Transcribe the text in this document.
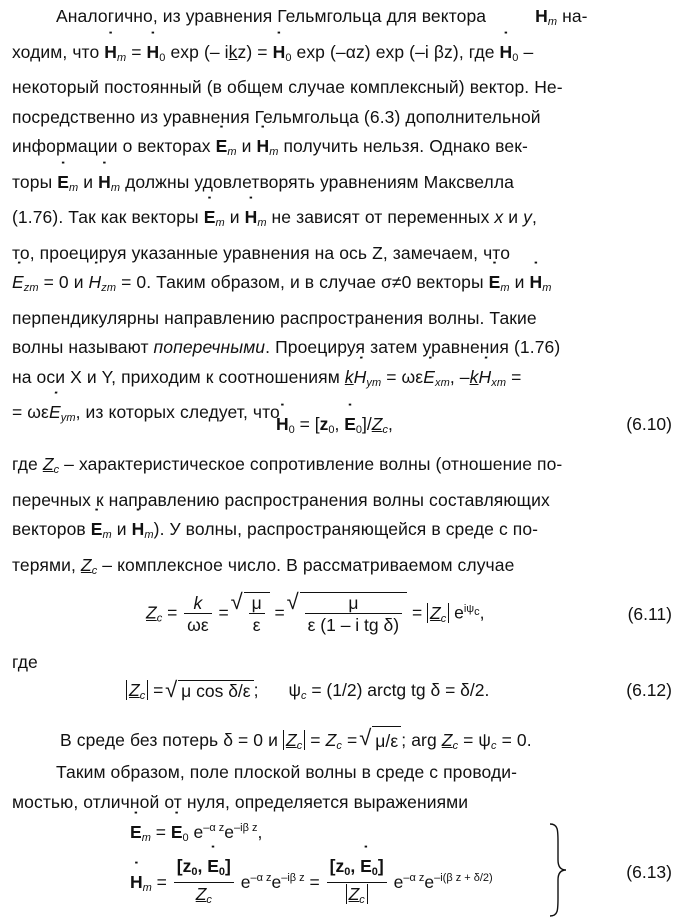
Аналогично, из уравнения Гельмгольца для вектора	˙ $H_m$ на-

ходим, что ˙ $H_m$ = ˙ $H_0$ exp (– ikz) = ˙ $H_0$ exp (–αz) exp (–i βz), где ˙ $H_0$ –

некоторый постоянный (в общем случае комплексный) вектор. Не-

посредственно из уравнения Гельмгольца (6.3) дополнительной

информации о векторах ˙ $E_m$ и ˙ $H_m$ получить нельзя. Однако век-

торы ˙ $E_m$ и ˙ $H_m$ должны удовлетворять уравнениям Максвелла

(1.76). Так как векторы ˙ $E_m$ и ˙ $H_m$ не зависят от переменных x и y,

то, проецируя указанные уравнения на ось Z, замечаем, что

˙ $E_{zm} = 0$ и ˙ $H_{zm} = 0$. Таким образом, и в случае σ≠0 векторы ˙ $E_m$ и ˙ $H_m$

перпендикулярны направлению распространения волны. Такие

волны называют поперечными. Проецируя затем уравнения (1.76)

на оси X и Y, приходим к соотношениям k˙ $H_{ym}$ = ωε˙ $E_{xm}$, –k˙ $H_{xm}$ =

= ωε˙ $E_{ym}$, из которых следует, что

˙ $H_0 = [z_0$, ˙ $E_0]/Z_c$,	(6.10)

где $Z_c$ – характеристическое сопротивление волны (отношение по-

перечных к направлению распространения волны составляющих

векторов ˙ $E_m$ и ˙ $H_m$). У волны, распространяющейся в среде с по-

терями, $Z_c$ – комплексное число. В рассматриваемом случае

$Z_c = \frac{k}{\omega\varepsilon}$ = √ $\frac{\mu}{\varepsilon}$ = √ $\frac{\mu}{\text{ε (1 – i tg δ)}} = Z_c$ $e^{i\psi_c}$,	(6.11)

где

$Z_c$ = √ μ cos δ/ε ; $\psi_c = (1/2)$ arctg tg δ = δ/2.	(6.12)

В среде без потерь δ = 0 и $Z_c = Z_c$ = √ μ/ε ; arg $Z_c = \psi_c = 0$.

Таким образом, поле плоской волны в среде с проводи-

мостью, отличной от нуля, определяется выражениями

˙ $E_m$ = ˙ $E_0$ $e^{-\alpha z}e^{-i\beta z}$,
˙ $H_m = \frac{[z_0, ˙ E_0]}{Z_c} e^{-\alpha z}e^{-i\beta z} = \frac{[z_0, ˙ E_0]}{Z_c} e^{-\alpha z}e^{-i(\beta z + \delta/2)}$	(6.13)
